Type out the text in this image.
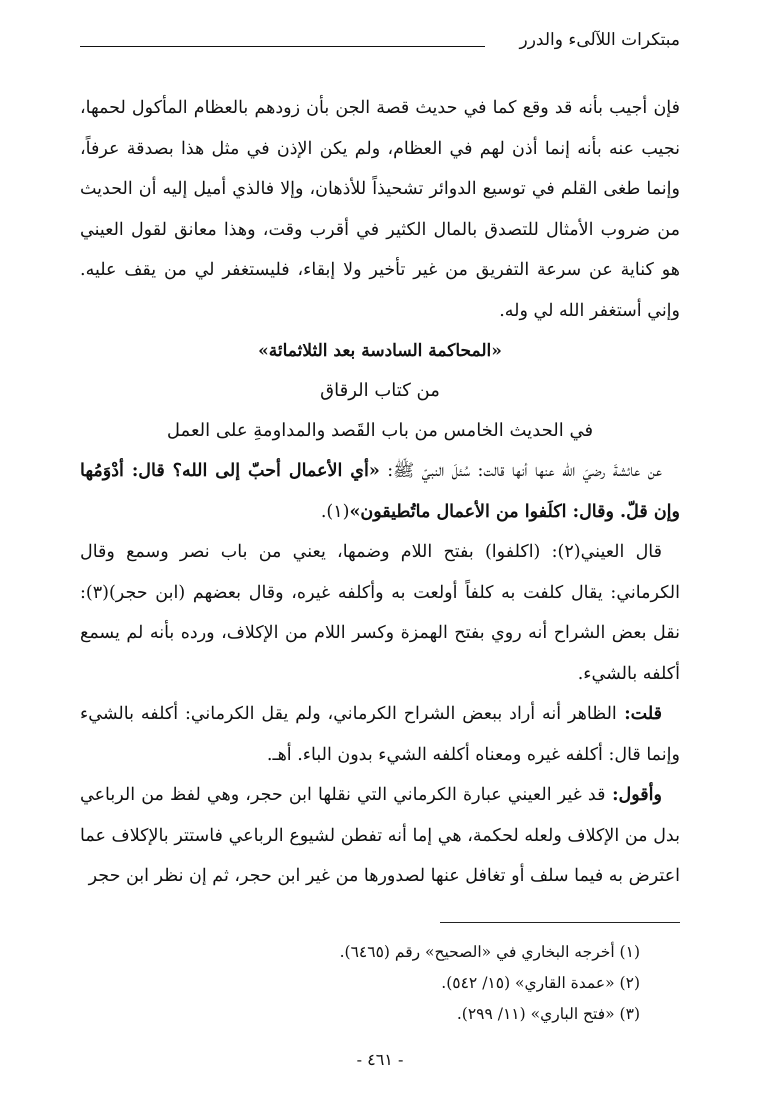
مبتكرات اللآلىء والدرر

فإن أجيب بأنه قد وقع كما في حديث قصة الجن بأن زودهم بالعظام المأكول لحمها، نجيب عنه بأنه إنما أذن لهم في العظام، ولم يكن الإذن في مثل هذا بصدقة عرفاً، وإنما طغى القلم في توسيع الدوائر تشحيذاً للأذهان، وإلا فالذي أميل إليه أن الحديث من ضروب الأمثال للتصدق بالمال الكثير في أقرب وقت، وهذا معانق لقول العيني هو كناية عن سرعة التفريق من غير تأخير ولا إبقاء، فليستغفر لي من يقف عليه. وإني أستغفر الله لي وله.

«المحاكمة السادسة بعد الثلاثمائة»

من كتاب الرقاق

في الحديث الخامس من باب القَصد والمداومةِ على العمل

عن عائشةَ رضيَ الله عنها أنها قالت: سُئلَ النبيّ ﷺ: «أي الأعمال أحبّ إلى الله؟ قال: أدْوَمُها وإن قلّ. وقال: اكلَفوا من الأعمال ماتُطيقون»(١).

قال العيني(٢): (اكلفوا) بفتح اللام وضمها، يعني من باب نصر وسمع وقال الكرماني: يقال كلفت به كلفاً أولعت به وأكلفه غيره، وقال بعضهم (ابن حجر)(٣): نقل بعض الشراح أنه روي بفتح الهمزة وكسر اللام من الإكلاف، ورده بأنه لم يسمع أكلفه بالشيء.

قلت: الظاهر أنه أراد ببعض الشراح الكرماني، ولم يقل الكرماني: أكلفه بالشيء وإنما قال: أكلفه غيره ومعناه أكلفه الشيء بدون الباء. أهـ.

وأقول: قد غير العيني عبارة الكرماني التي نقلها ابن حجر، وهي لفظ من الرباعي بدل من الإكلاف ولعله لحكمة، هي إما أنه تفطن لشيوع الرباعي فاستتر بالإكلاف عما اعترض به فيما سلف أو تغافل عنها لصدورها من غير ابن حجر، ثم إن نظر ابن حجر

(١) أخرجه البخاري في «الصحيح» رقم (٦٤٦٥).

(٢) «عمدة القاري» (١٥/ ٥٤٢).

(٣) «فتح الباري» (١١/ ٢٩٩).

- ٤٦١ -
